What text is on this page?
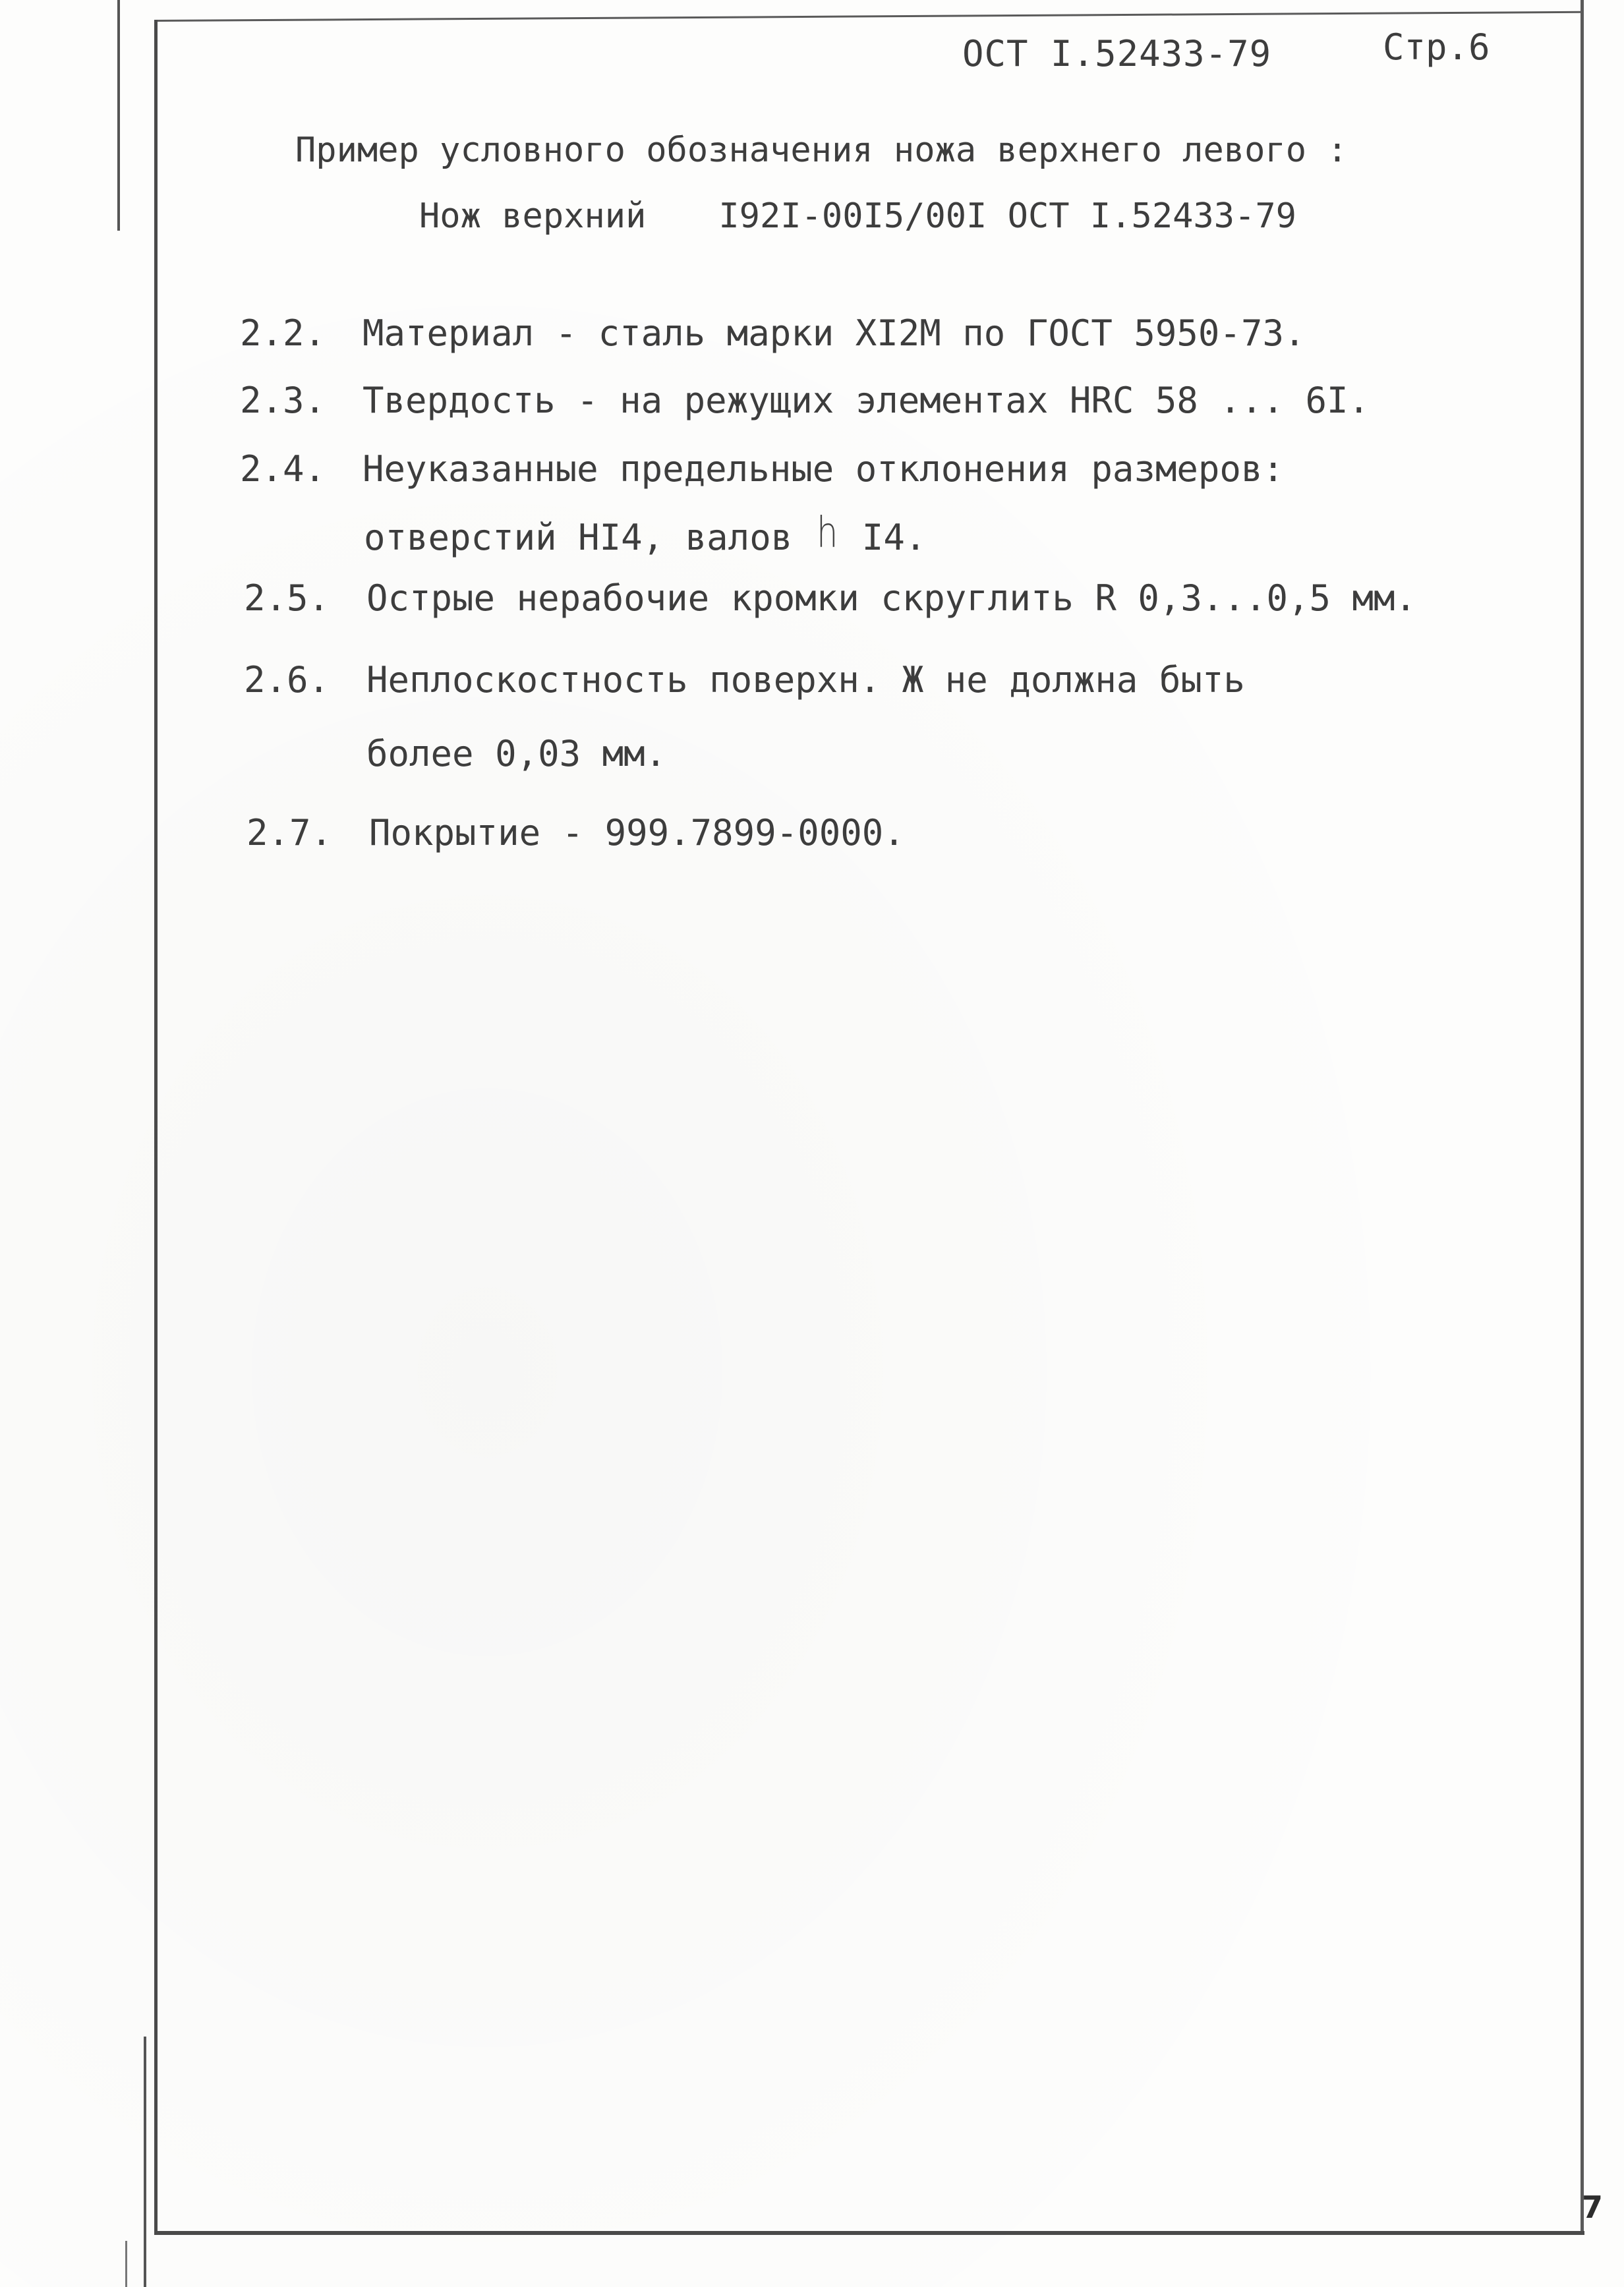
ОСТ I.52433-79	Стр.6
Пример условного обозначения ножа верхнего левого :
Нож верхний I92I-00I5/00I ОСТ I.52433-79
2.2. Материал - сталь марки XI2M по ГОСТ 5950-73.
2.3. Твердость - на режущих элементах HRC 58 ... 6I.
2.4. Неуказанные предельные отклонения размеров:
отверстий HI4, валов h I4.
2.5. Острые нерабочие кромки скруглить R 0,3...0,5 мм.
2.6. Неплоскостность поверхн. Ж не должна быть
более 0,03 мм.
2.7. Покрытие - 999.7899-0000.
7
